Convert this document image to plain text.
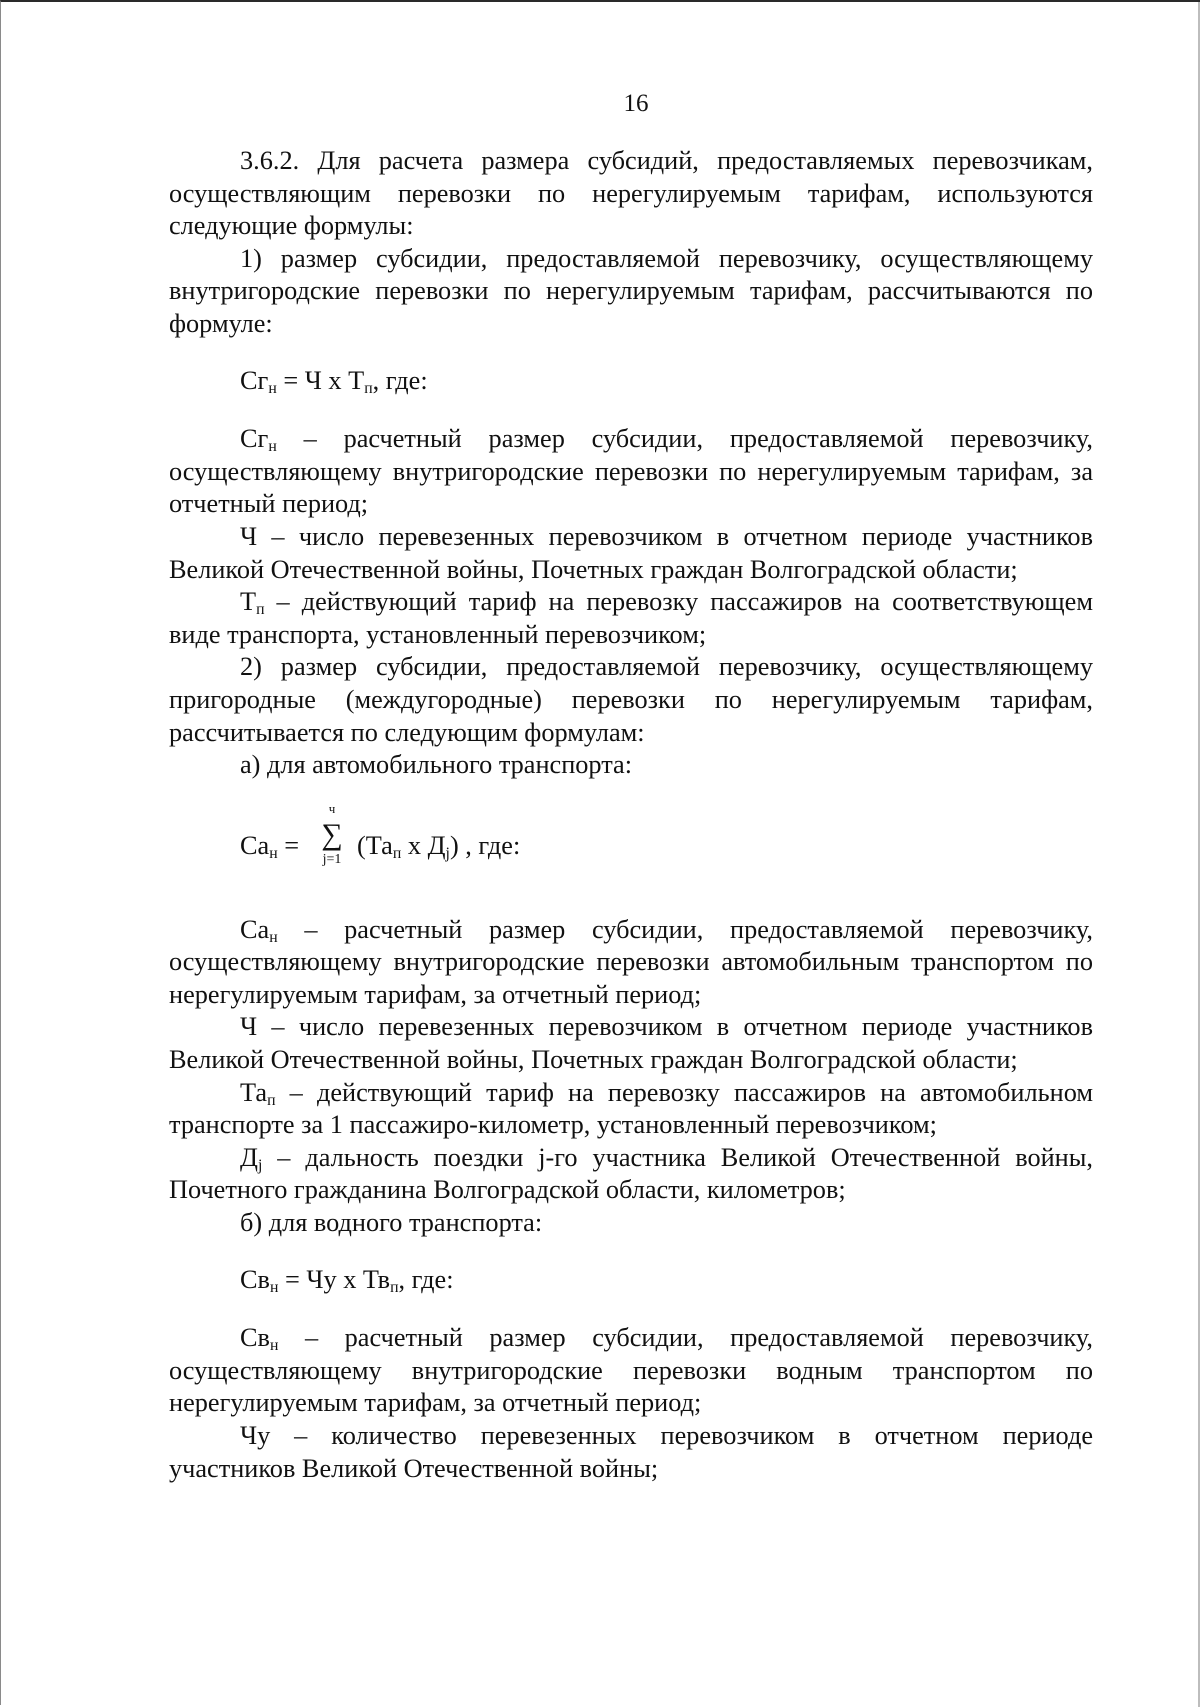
16

3.6.2. Для расчета размера субсидий, предоставляемых перевозчикам, осуществляющим перевозки по нерегулируемым тарифам, используются следующие формулы:

1) размер субсидии, предоставляемой перевозчику, осуществляющему внутригородские перевозки по нерегулируемым тарифам, рассчитываются по формуле:

$Сг_н = Ч$ х $Т_п$, где:

$Сг_н$ – расчетный размер субсидии, предоставляемой перевозчику, осуществляющему внутригородские перевозки по нерегулируемым тарифам, за отчетный период;

Ч – число перевезенных перевозчиком в отчетном периоде участников Великой Отечественной войны, Почетных граждан Волгоградской области;

$Т_п$ – действующий тариф на перевозку пассажиров на соответствующем виде транспорта, установленный перевозчиком;

2) размер субсидии, предоставляемой перевозчику, осуществляющему пригородные (междугородные) перевозки по нерегулируемым тарифам, рассчитывается по следующим формулам:

а) для автомобильного транспорта:

$Са_н$ =
ч
∑
j=1 ($Та_п$ х $Д_j$) , где:

$Са_н$ – расчетный размер субсидии, предоставляемой перевозчику, осуществляющему внутригородские перевозки автомобильным транспортом по нерегулируемым тарифам, за отчетный период;

Ч – число перевезенных перевозчиком в отчетном периоде участников Великой Отечественной войны, Почетных граждан Волгоградской области;

$Та_п$ – действующий тариф на перевозку пассажиров на автомобильном транспорте за 1 пассажиро-километр, установленный перевозчиком;

$Д_j$ – дальность поездки j-го участника Великой Отечественной войны, Почетного гражданина Волгоградской области, километров;

б) для водного транспорта:

$Св_н$ = Чу х $Тв_п$, где:

$Св_н$ – расчетный размер субсидии, предоставляемой перевозчику, осуществляющему внутригородские перевозки водным транспортом по нерегулируемым тарифам, за отчетный период;

Чу – количество перевезенных перевозчиком в отчетном периоде участников Великой Отечественной войны;
